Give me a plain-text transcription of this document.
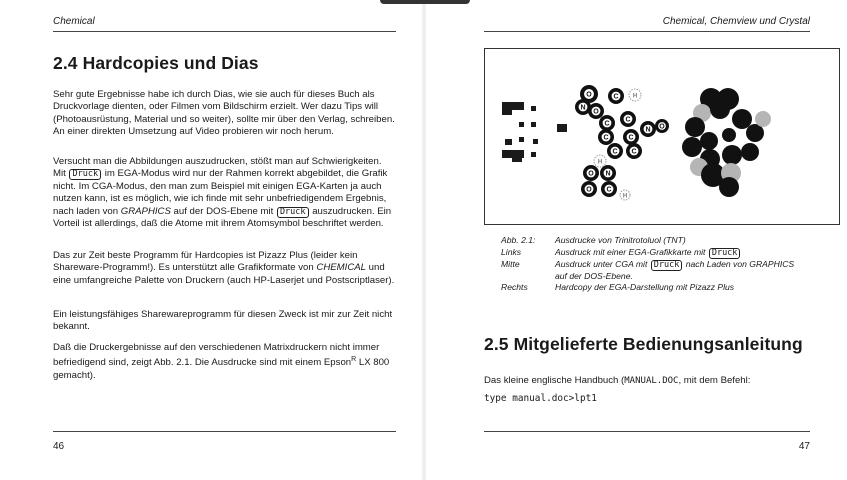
Chemical
2.4 Hardcopies und Dias

Sehr gute Ergebnisse habe ich durch Dias, wie sie auch für dieses Buch als Druckvorlage dienten, oder Filmen vom Bildschirm erzielt. Wer dazu Tips will (Photoausrüstung, Material und so weiter), sollte mir über den Verlag, schreiben. An einer direkten Umsetzung auf Video probieren wir noch herum.

Versucht man die Abbildungen auszudrucken, stößt man auf Schwierigkeiten. Mit Druck im EGA-Modus wird nur der Rahmen korrekt abgebildet, die Grafik nicht. Im CGA-Modus, den man zum Beispiel mit einigen EGA-Karten ja auch nutzen kann, ist es möglich, wie ich finde mit sehr unbefriedigendem Ergebnis, nach laden von GRAPHICS auf der DOS-Ebene mit Druck auszudrucken. Ein Vorteil ist allerdings, daß die Atome mit ihrem Atomsymbol beschriftet werden.

Das zur Zeit beste Programm für Hardcopies ist Pizazz Plus (leider kein Shareware-Programm!). Es unterstützt alle Grafikformate von CHEMICAL und eine umfangreiche Palette von Druckern (auch HP-Laserjet und Postscriptlaser).

Ein leistungsfähiges Sharewareprogramm für diesen Zweck ist mir zur Zeit nicht bekannt.

Daß die Druckergebnisse auf den verschiedenen Matrixdruckern nicht immer befriedigend sind, zeigt Abb. 2.1. Die Ausdrucke sind mit einem Epson$^R$ LX 800 gemacht).

46
Chemical, Chemview und Crystal
O
N
O
C H
C
C
C	C
N O
C C
H
O N
O C
H
Abb. 2.1:	Ausdrucke von Trinitrotoluol (TNT)
Links	Ausdruck mit einer EGA-Grafikkarte mit Druck
Mitte	Ausdruck unter CGA mit Druck nach Laden von GRAPHICS auf der DOS-Ebene.
Rechts	Hardcopy der EGA-Darstellung mit Pizazz Plus
2.5 Mitgelieferte Bedienungsanleitung

Das kleine englische Handbuch (MANUAL.DOC, mit dem Befehl:

type manual.doc>lpt1
47
